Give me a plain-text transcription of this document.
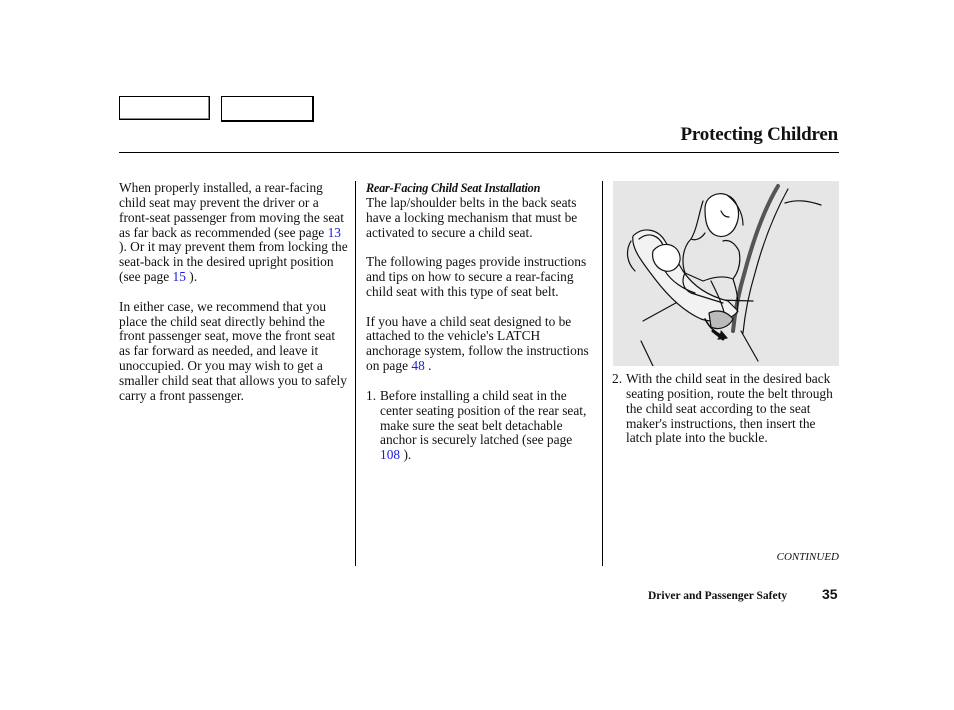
Protecting Children

When properly installed, a rear-facing child seat may prevent the driver or a front-seat passenger from moving the seat as far back as recommended (see page 13 ). Or it may prevent them from locking the seat-back in the desired upright position (see page 15 ).

In either case, we recommend that you place the child seat directly behind the front passenger seat, move the front seat as far forward as needed, and leave it unoccupied. Or you may wish to get a smaller child seat that allows you to safely carry a front passenger.

Rear-Facing Child Seat Installation

The lap/shoulder belts in the back seats have a locking mechanism that must be activated to secure a child seat.

The following pages provide instructions and tips on how to secure a rear-facing child seat with this type of seat belt.

If you have a child seat designed to be attached to the vehicle's LATCH anchorage system, follow the instructions on page 48 .

1. Before installing a child seat in the center seating position of the rear seat, make sure the seat belt detachable anchor is securely latched (see page 108 ).
2. With the child seat in the desired back seating position, route the belt through the child seat according to the seat maker's instructions, then insert the latch plate into the buckle.
CONTINUED
Driver and Passenger Safety 35
